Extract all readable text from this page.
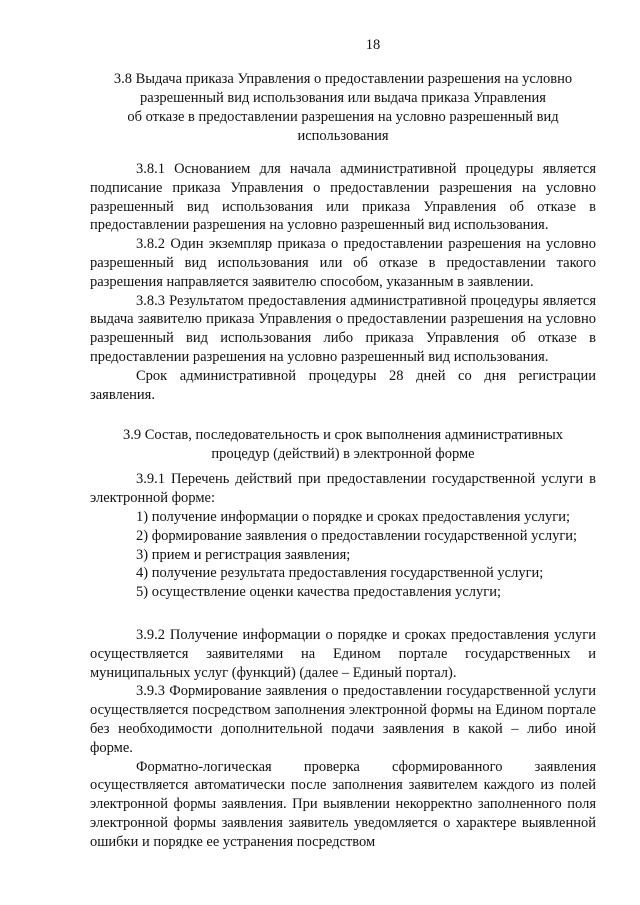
18
3.8 Выдача приказа Управления о предоставлении разрешения на условно
разрешенный вид использования или выдача приказа Управления
об отказе в предоставлении разрешения на условно разрешенный вид
использования

3.8.1 Основанием для начала административной процедуры является подписание приказа Управления о предоставлении разрешения на условно разрешенный вид использования или приказа Управления об отказе в предоставлении разрешения на условно разрешенный вид использования.

3.8.2 Один экземпляр приказа о предоставлении разрешения на условно разрешенный вид использования или об отказе в предоставлении такого разрешения направляется заявителю способом, указанным в заявлении.

3.8.3 Результатом предоставления административной процедуры является выдача заявителю приказа Управления о предоставлении разрешения на условно разрешенный вид использования либо приказа Управления об отказе в предоставлении разрешения на условно разрешенный вид использования.

Срок административной процедуры 28 дней со дня регистрации заявления.

3.9 Состав, последовательность и срок выполнения административных
процедур (действий) в электронной форме

3.9.1 Перечень действий при предоставлении государственной услуги в электронной форме:

1) получение информации о порядке и сроках предоставления услуги;

2) формирование заявления о предоставлении государственной услуги;

3) прием и регистрация заявления;

4) получение результата предоставления государственной услуги;

5) осуществление оценки качества предоставления услуги;

3.9.2 Получение информации о порядке и сроках предоставления услуги осуществляется заявителями на Едином портале государственных и муниципальных услуг (функций) (далее – Единый портал).

3.9.3 Формирование заявления о предоставлении государственной услуги осуществляется посредством заполнения электронной формы на Едином портале без необходимости дополнительной подачи заявления в какой – либо иной форме.

Форматно-логическая проверка сформированного заявления осуществляется автоматически после заполнения заявителем каждого из полей электронной формы заявления. При выявлении некорректно заполненного поля электронной формы заявления заявитель уведомляется о характере выявленной ошибки и порядке ее устранения посредством
